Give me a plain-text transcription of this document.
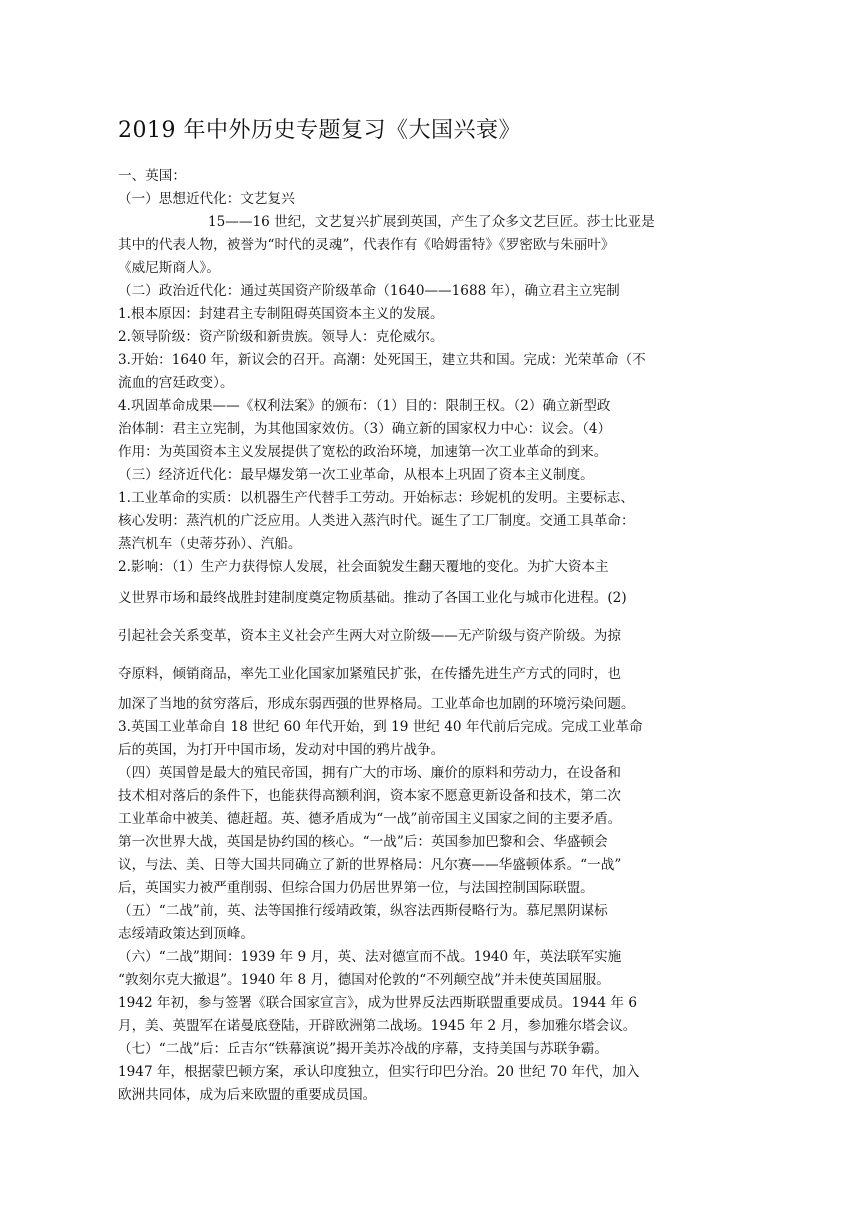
2019 年中外历史专题复习《大国兴衰》
一、英国：
（一）思想近代化：文艺复兴
15——16 世纪，文艺复兴扩展到英国，产生了众多文艺巨匠。莎士比亚是
其中的代表人物，被誉为“时代的灵魂”，代表作有《哈姆雷特》《罗密欧与朱丽叶》
《威尼斯商人》。
（二）政治近代化：通过英国资产阶级革命（1640——1688 年），确立君主立宪制
1.根本原因：封建君主专制阻碍英国资本主义的发展。
2.领导阶级：资产阶级和新贵族。领导人：克伦威尔。
3.开始：1640 年，新议会的召开。高潮：处死国王，建立共和国。完成：光荣革命（不
流血的宫廷政变）。
4.巩固革命成果——《权利法案》的颁布：（1）目的：限制王权。（2）确立新型政
治体制：君主立宪制，为其他国家效仿。（3）确立新的国家权力中心：议会。（4）
作用：为英国资本主义发展提供了宽松的政治环境，加速第一次工业革命的到来。
（三）经济近代化：最早爆发第一次工业革命，从根本上巩固了资本主义制度。
1.工业革命的实质：以机器生产代替手工劳动。开始标志：珍妮机的发明。主要标志、
核心发明：蒸汽机的广泛应用。人类进入蒸汽时代。诞生了工厂制度。交通工具革命：
蒸汽机车（史蒂芬孙）、汽船。
2.影响：（1）生产力获得惊人发展，社会面貌发生翻天覆地的变化。为扩大资本主
义世界市场和最终战胜封建制度奠定物质基础。推动了各国工业化与城市化进程。(2)
引起社会关系变革，资本主义社会产生两大对立阶级——无产阶级与资产阶级。为掠
夺原料，倾销商品，率先工业化国家加紧殖民扩张，在传播先进生产方式的同时，也
加深了当地的贫穷落后，形成东弱西强的世界格局。工业革命也加剧的环境污染问题。
3.英国工业革命自 18 世纪 60 年代开始，到 19 世纪 40 年代前后完成。完成工业革命
后的英国，为打开中国市场，发动对中国的鸦片战争。
（四）英国曾是最大的殖民帝国，拥有广大的市场、廉价的原料和劳动力，在设备和
技术相对落后的条件下，也能获得高额利润，资本家不愿意更新设备和技术，第二次
工业革命中被美、德赶超。英、德矛盾成为“一战”前帝国主义国家之间的主要矛盾。
第一次世界大战，英国是协约国的核心。“一战”后：英国参加巴黎和会、华盛顿会
议，与法、美、日等大国共同确立了新的世界格局：凡尔赛——华盛顿体系。“一战”
后，英国实力被严重削弱、但综合国力仍居世界第一位，与法国控制国际联盟。
（五）“二战”前，英、法等国推行绥靖政策，纵容法西斯侵略行为。慕尼黑阴谋标
志绥靖政策达到顶峰。
（六）“二战”期间：1939 年 9 月，英、法对德宣而不战。1940 年，英法联军实施
“敦刻尔克大撤退”。1940 年 8 月，德国对伦敦的“不列颠空战”并未使英国屈服。
1942 年初，参与签署《联合国家宣言》，成为世界反法西斯联盟重要成员。1944 年 6
月，美、英盟军在诺曼底登陆，开辟欧洲第二战场。1945 年 2 月，参加雅尔塔会议。
（七）“二战”后：丘吉尔“铁幕演说”揭开美苏冷战的序幕，支持美国与苏联争霸。
1947 年，根据蒙巴顿方案，承认印度独立，但实行印巴分治。20 世纪 70 年代，加入
欧洲共同体，成为后来欧盟的重要成员国。
